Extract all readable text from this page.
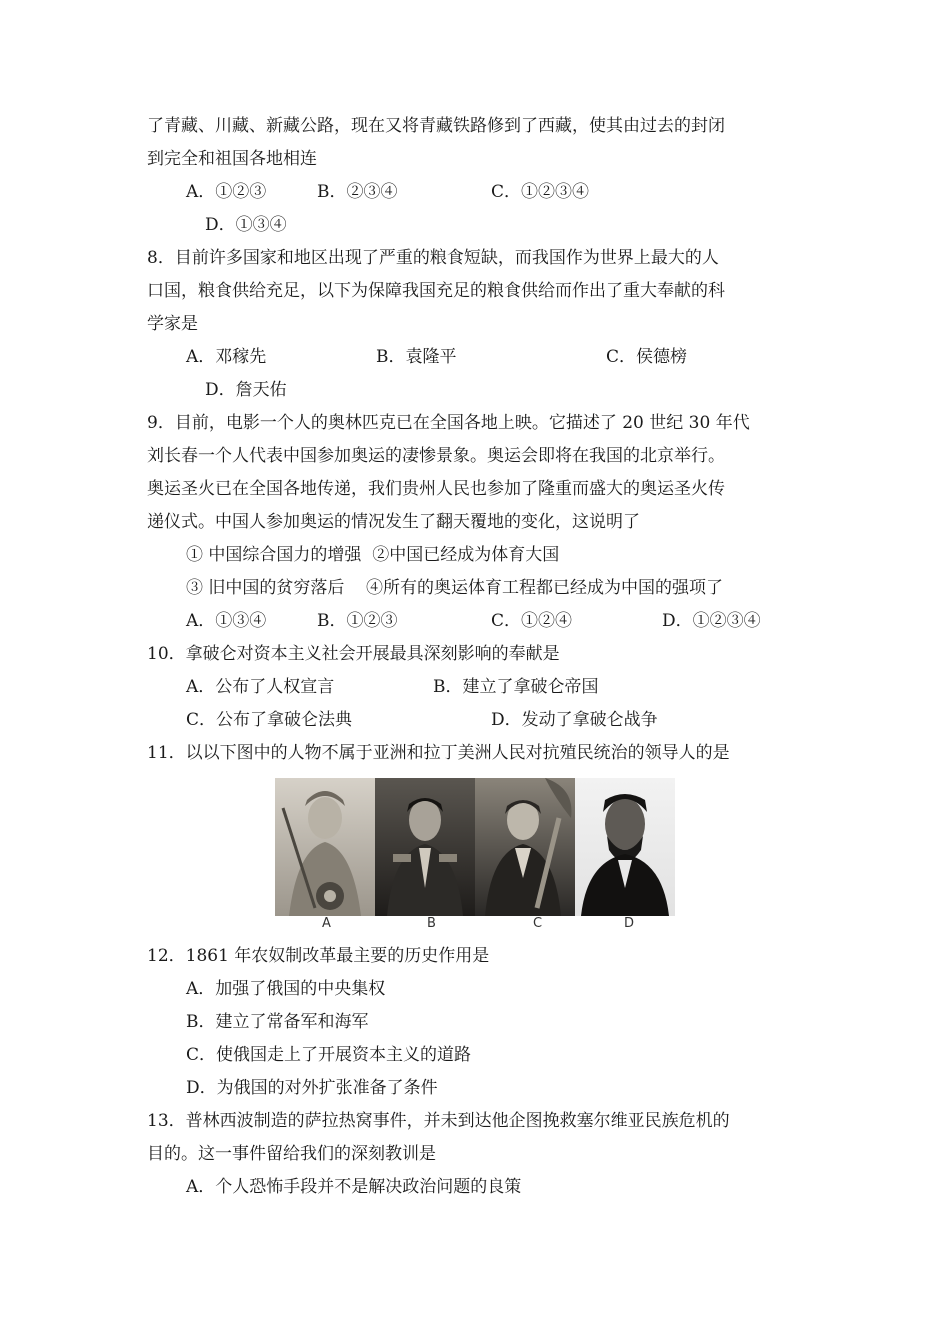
了青藏、川藏、新藏公路，现在又将青藏铁路修到了西藏，使其由过去的封闭
到完全和祖国各地相连
A．①②③	B．②③④	C．①②③④
D．①③④
8．目前许多国家和地区出现了严重的粮食短缺，而我国作为世界上最大的人
口国，粮食供给充足，以下为保障我国充足的粮食供给而作出了重大奉献的科
学家是
A．邓稼先	B．袁隆平	C．侯德榜
D．詹天佑
9．目前，电影一个人的奥林匹克已在全国各地上映。它描述了 20 世纪 30 年代
刘长春一个人代表中国参加奥运的凄惨景象。奥运会即将在我国的北京举行。
奥运圣火已在全国各地传递，我们贵州人民也参加了隆重而盛大的奥运圣火传
递仪式。中国人参加奥运的情况发生了翻天覆地的变化，这说明了
① 中国综合国力的增强  ②中国已经成为体育大国
③ 旧中国的贫穷落后    ④所有的奥运体育工程都已经成为中国的强项了
A．①③④	B．①②③	C．①②④	D．①②③④
10．拿破仑对资本主义社会开展最具深刻影响的奉献是
A．公布了人权宣言	B．建立了拿破仑帝国
C．公布了拿破仑法典	D．发动了拿破仑战争
11．以以下图中的人物不属于亚洲和拉丁美洲人民对抗殖民统治的领导人的是
A	B	C	D
12．1861 年农奴制改革最主要的历史作用是
A．加强了俄国的中央集权
B．建立了常备军和海军
C．使俄国走上了开展资本主义的道路
D．为俄国的对外扩张准备了条件
13．普林西波制造的萨拉热窝事件，并未到达他企图挽救塞尔维亚民族危机的
目的。这一事件留给我们的深刻教训是
A．个人恐怖手段并不是解决政治问题的良策
